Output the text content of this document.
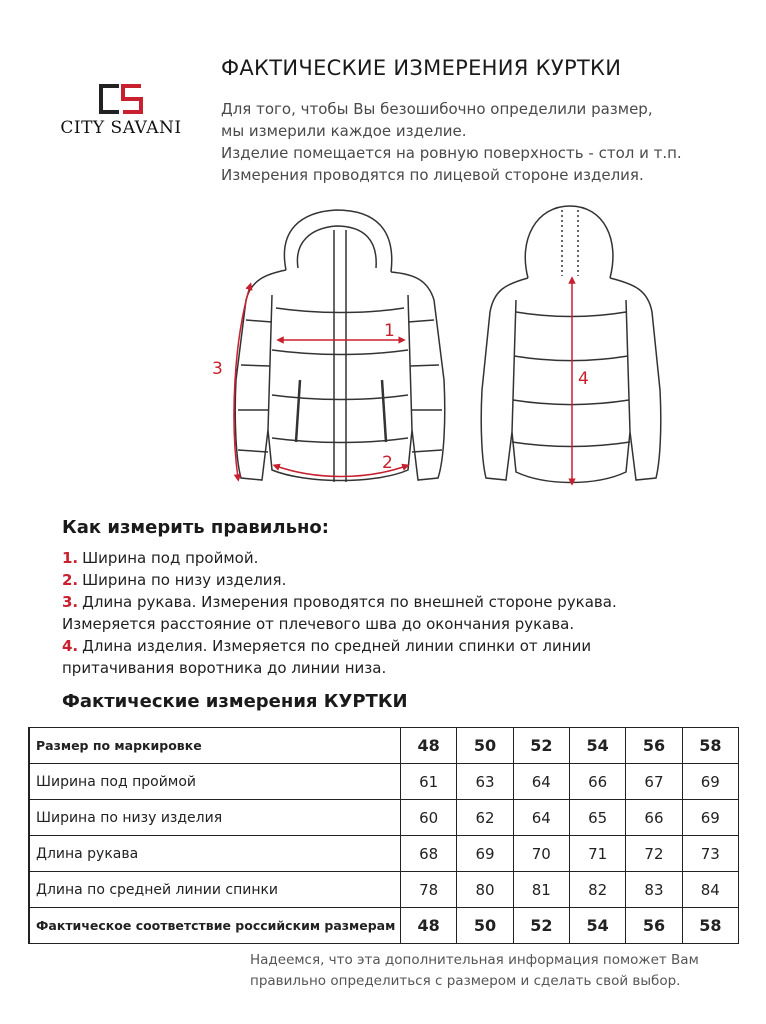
CITY SAVANI
ФАКТИЧЕСКИЕ ИЗМЕРЕНИЯ КУРТКИ
Для того, чтобы Вы безошибочно определили размер,
мы измерили каждое изделие.
Изделие помещается на ровную поверхность - стол и т.п.
Измерения проводятся по лицевой стороне изделия.
1
2
3	4
Как измерить правильно:
1. Ширина под проймой.
2. Ширина по низу изделия.
3. Длина рукава. Измерения проводятся по внешней стороне рукава.
Измеряется расстояние от плечевого шва до окончания рукава.
4. Длина изделия. Измеряется по средней линии спинки от линии
притачивания воротника до линии низа.
Фактические измерения КУРТКИ
Размер по маркировке	48	50	52	54	56	58
Ширина под проймой	61	63	64	66	67	69
Ширина по низу изделия	60	62	64	65	66	69
Длина рукава	68	69	70	71	72	73
Длина по средней линии спинки	78	80	81	82	83	84
Фактическое соответствие российским размерам	48	50	52	54	56	58
Надеемся, что эта дополнительная информация поможет Вам
правильно определиться с размером и сделать свой выбор.
